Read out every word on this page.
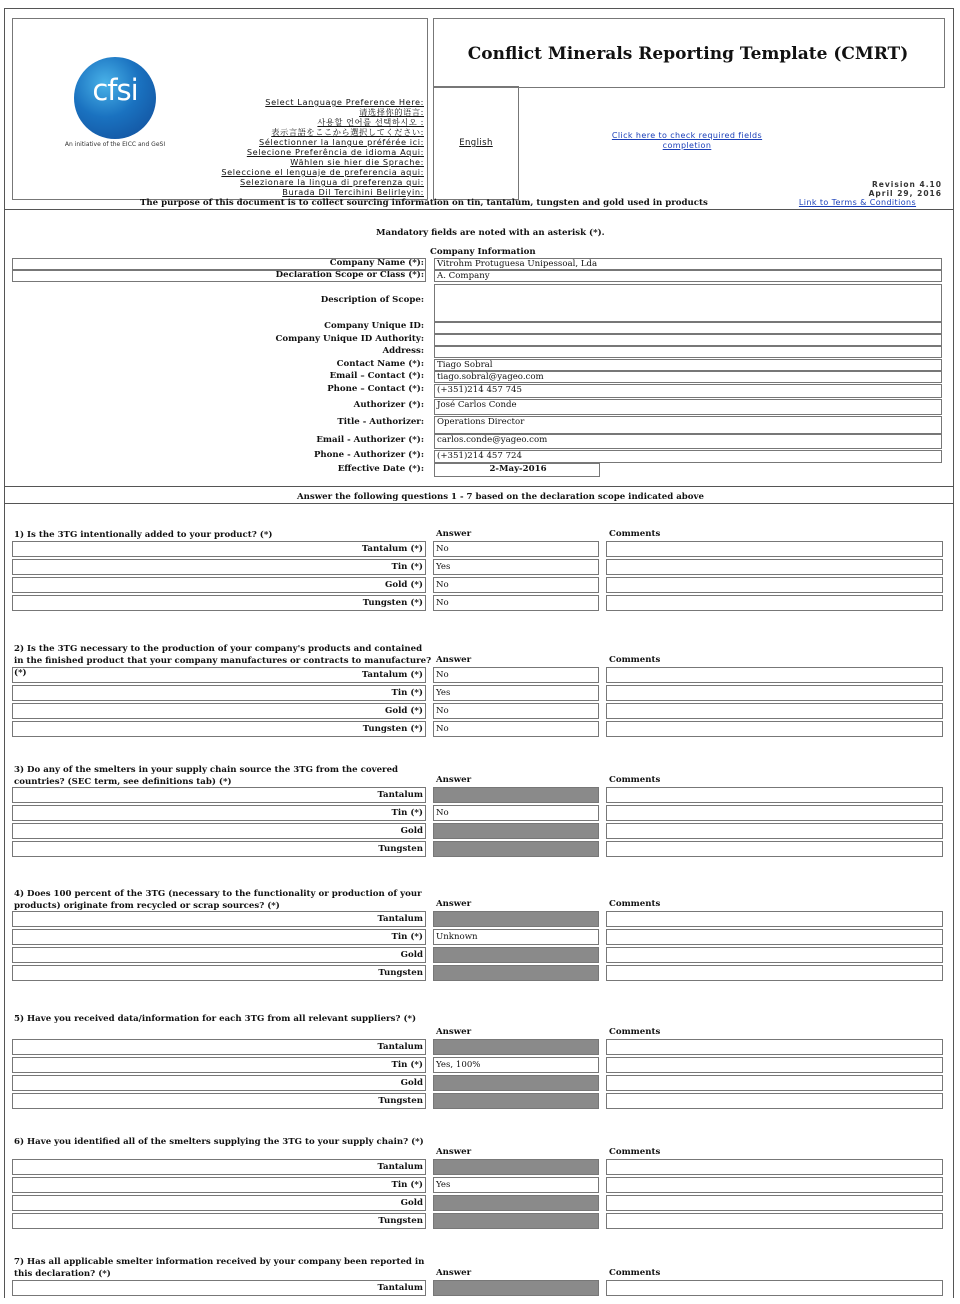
Conflict Minerals Reporting Template (CMRT)
cfsi
An initiative of the EICC and GeSI
Select Language Preference Here:
请选择你的语言:
사용할 언어를 선택하시오 :
表示言語をここから選択してください:
Sélectionner la langue préférée ici:
Selecione Preferência de idioma Aqui:
Wählen sie hier die Sprache:
Seleccione el lenguaje de preferencia aqui:
Selezionare la lingua di preferenza qui:
Burada Dil Tercihini Belirleyin:
English
Click here to check required fields completion
Revision 4.10
April 29, 2016
Link to Terms & Conditions
The purpose of this document is to collect sourcing information on tin, tantalum, tungsten and gold used in products
Mandatory fields are noted with an asterisk (*).
Company Information
Company Name (*):	Vitrohm Protuguesa Unipessoal, Lda
Declaration Scope or Class (*):	A. Company
Description of Scope:
Company Unique ID:
Company Unique ID Authority:
Address:
Contact Name (*):	Tiago Sobral
Email – Contact (*):	tiago.sobral@yageo.com
Phone – Contact (*):	(+351)214 457 745
Authorizer (*):	José Carlos Conde
Title - Authorizer:	Operations Director
Email - Authorizer (*):	carlos.conde@yageo.com
Phone - Authorizer (*):	(+351)214 457 724
Effective Date (*):	2-May-2016
Answer the following questions 1 - 7 based on the declaration scope indicated above
1) Is the 3TG intentionally added to your product? (*)	Answer	Comments
Tantalum (*)	No
Tin (*)	Yes
Gold (*)	No
Tungsten (*)	No
2) Is the 3TG necessary to the production of your company's products and contained in the finished product that your company manufactures or contracts to manufacture? (*)
Answer	Comments
Tantalum (*)	No
Tin (*)	Yes
Gold (*)	No
Tungsten (*)	No
3) Do any of the smelters in your supply chain source the 3TG from the covered countries? (SEC term, see definitions tab) (*)	Answer	Comments
Tantalum
Tin (*)	No
Gold
Tungsten
4) Does 100 percent of the 3TG (necessary to the functionality or production of your products) originate from recycled or scrap sources? (*)	Answer	Comments
Tantalum
Tin (*)	Unknown
Gold
Tungsten
5) Have you received data/information for each 3TG from all relevant suppliers? (*)
Answer	Comments
Tantalum
Tin (*)	Yes, 100%
Gold
Tungsten
6) Have you identified all of the smelters supplying the 3TG to your supply chain? (*)
Answer	Comments
Tantalum
Tin (*)	Yes
Gold
Tungsten
7) Has all applicable smelter information received by your company been reported in this declaration? (*)	Answer	Comments
Tantalum
